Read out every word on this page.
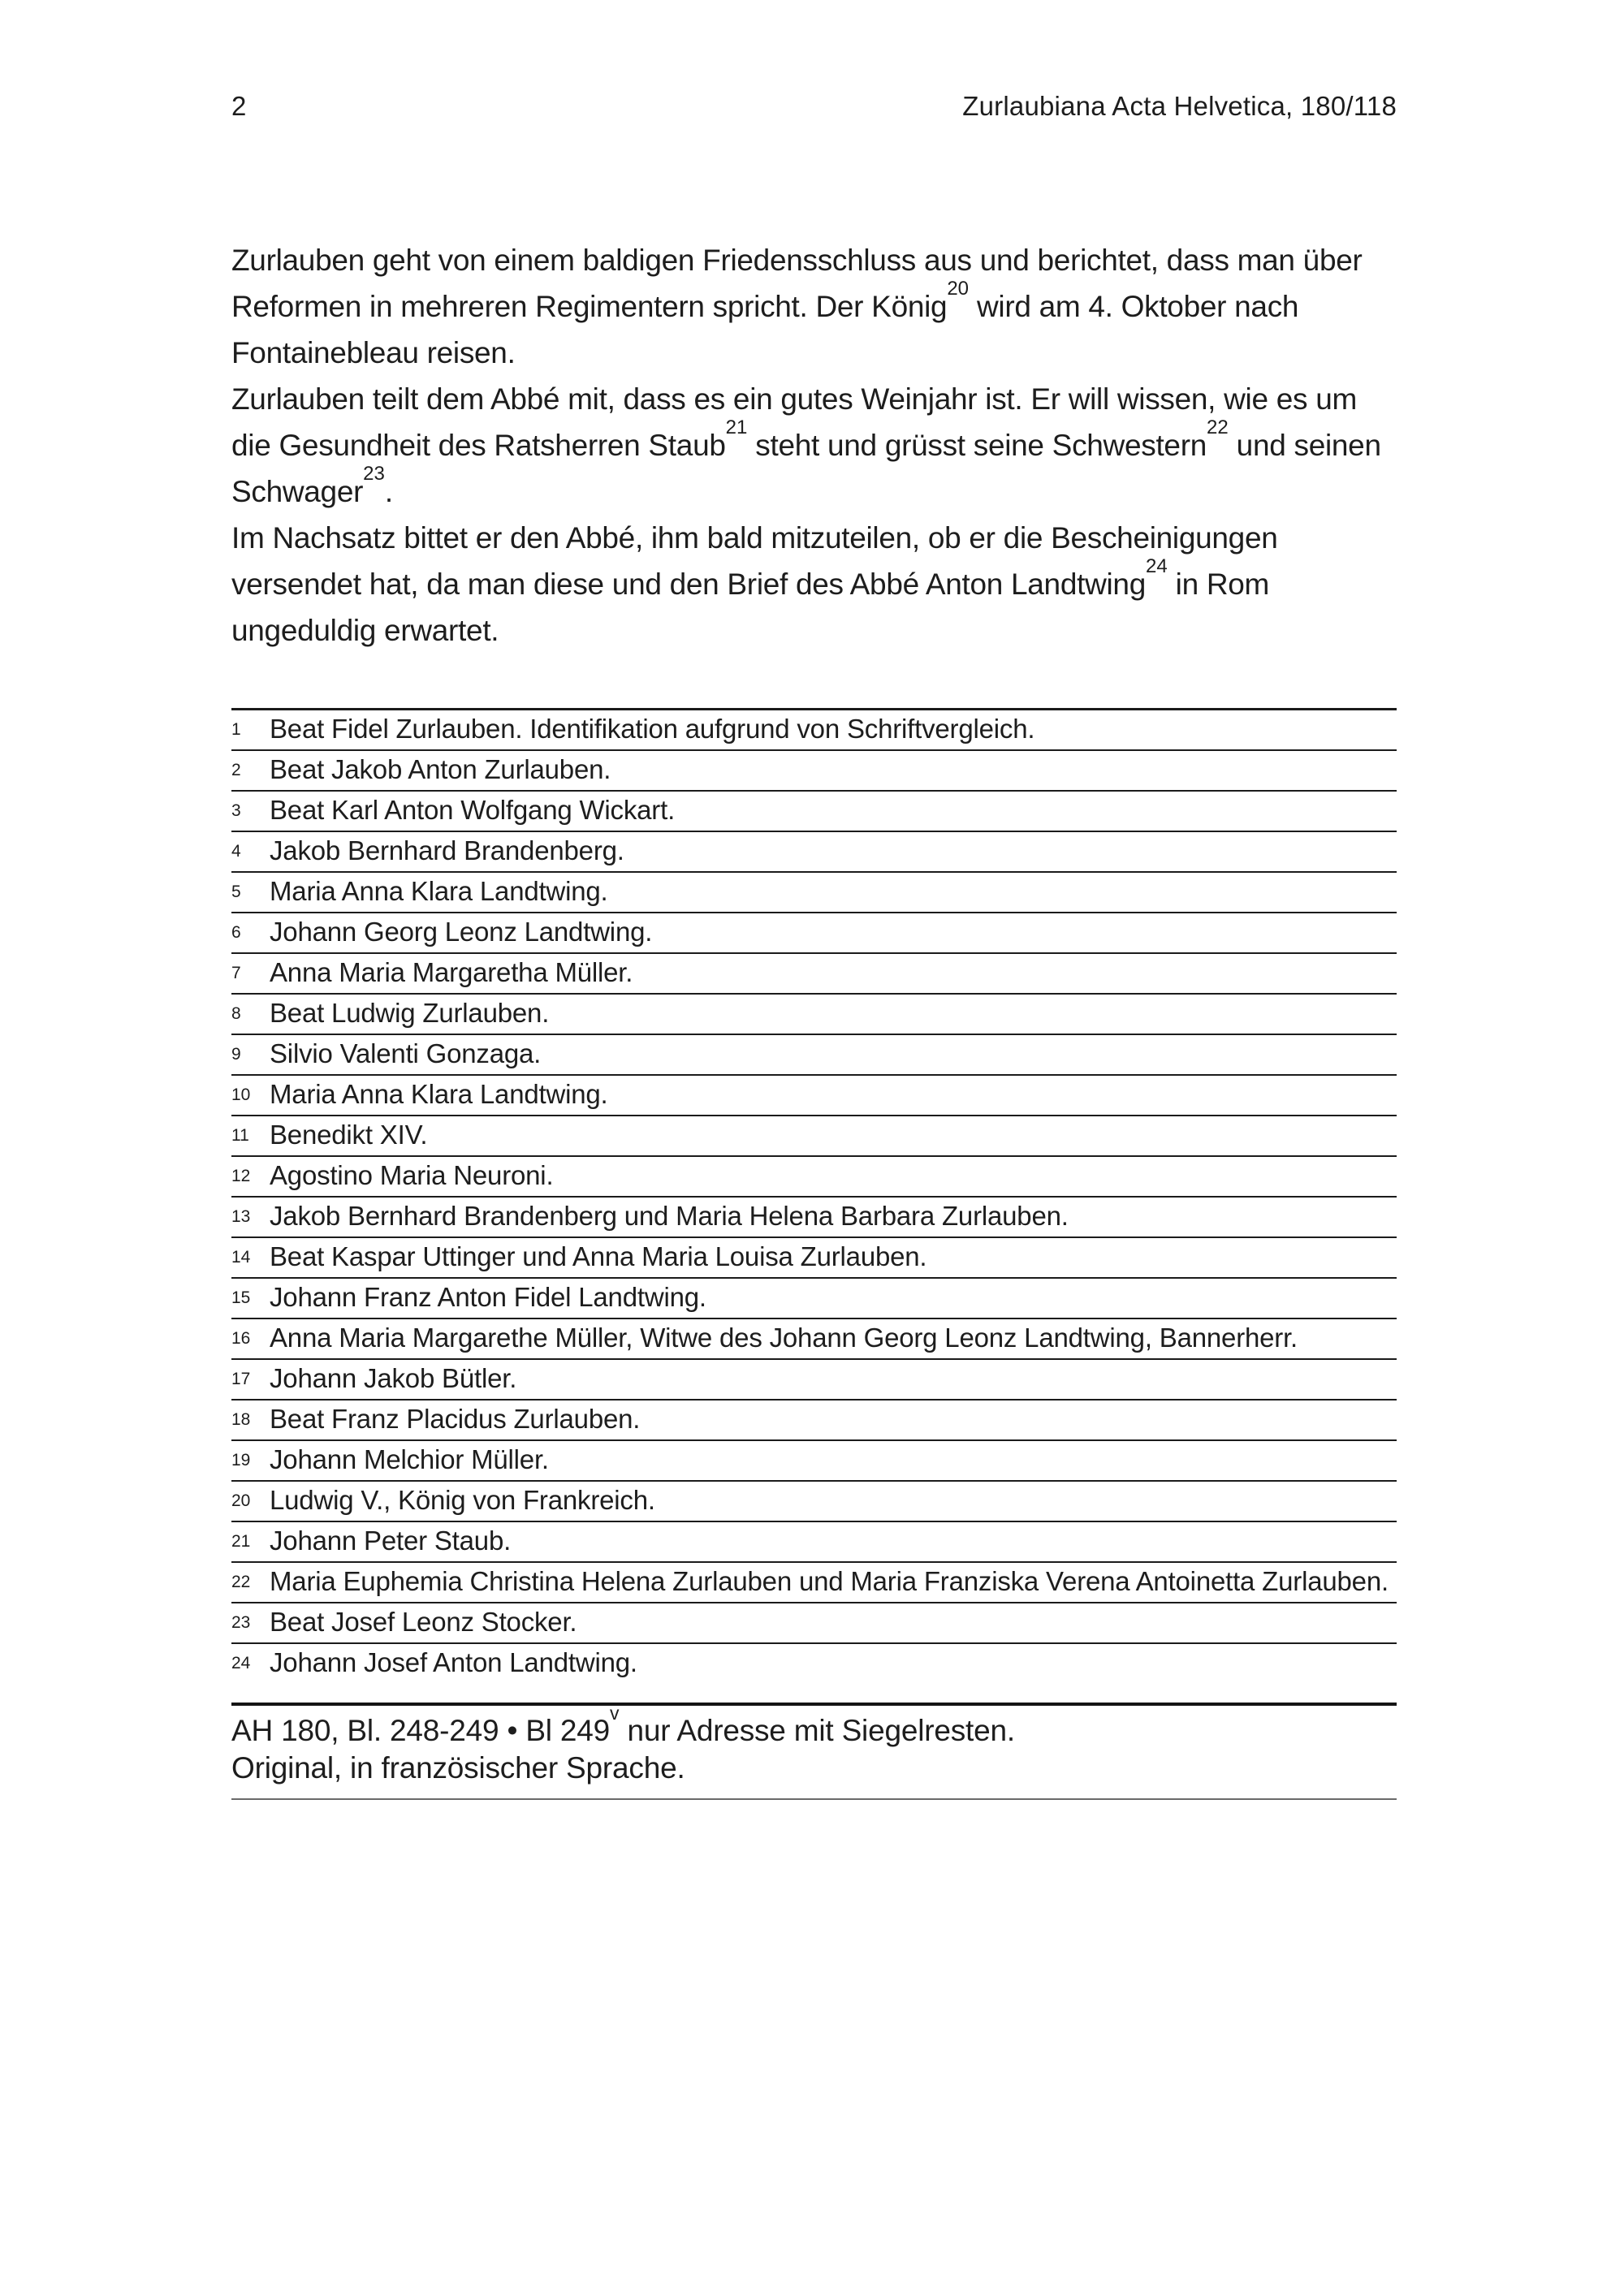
2	Zurlaubiana Acta Helvetica, 180/118

Zurlauben geht von einem baldigen Friedensschluss aus und berichtet, dass man über Reformen in mehreren Regimentern spricht. Der König$^{20}$ wird am 4. Oktober nach Fontainebleau reisen.

Zurlauben teilt dem Abbé mit, dass es ein gutes Weinjahr ist. Er will wissen, wie es um die Gesundheit des Ratsherren Staub$^{21}$ steht und grüsst seine Schwestern$^{22}$ und seinen Schwager$^{23}$.

Im Nachsatz bittet er den Abbé, ihm bald mitzuteilen, ob er die Bescheinigungen versendet hat, da man diese und den Brief des Abbé Anton Landtwing$^{24}$ in Rom ungeduldig erwartet.

1	Beat Fidel Zurlauben. Identifikation aufgrund von Schriftvergleich.
2	Beat Jakob Anton Zurlauben.
3	Beat Karl Anton Wolfgang Wickart.
4	Jakob Bernhard Brandenberg.
5	Maria Anna Klara Landtwing.
6	Johann Georg Leonz Landtwing.
7	Anna Maria Margaretha Müller.
8	Beat Ludwig Zurlauben.
9	Silvio Valenti Gonzaga.
10 Maria Anna Klara Landtwing.
11 Benedikt XIV.
12 Agostino Maria Neuroni.
13 Jakob Bernhard Brandenberg und Maria Helena Barbara Zurlauben.
14 Beat Kaspar Uttinger und Anna Maria Louisa Zurlauben.
15 Johann Franz Anton Fidel Landtwing.
16 Anna Maria Margarethe Müller, Witwe des Johann Georg Leonz Landtwing, Bannerherr.
17 Johann Jakob Bütler.
18 Beat Franz Placidus Zurlauben.
19 Johann Melchior Müller.
20 Ludwig V., König von Frankreich.
21 Johann Peter Staub.
22 Maria Euphemia Christina Helena Zurlauben und Maria Franziska Verena Antoinetta Zurlauben.
23 Beat Josef Leonz Stocker.
24 Johann Josef Anton Landtwing.
AH 180, Bl. 248-249 • Bl 249$^v$ nur Adresse mit Siegelresten.
Original, in französischer Sprache.
